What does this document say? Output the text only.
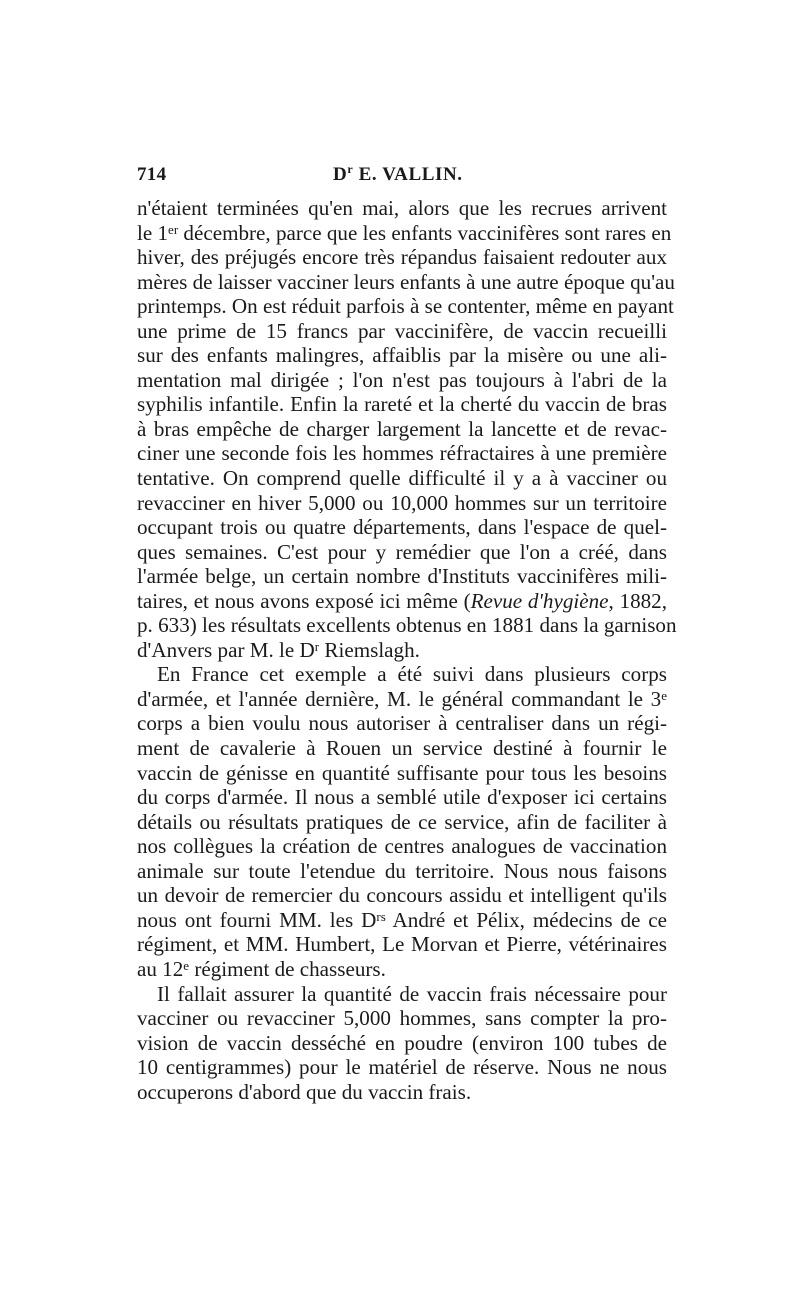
714	$D^r$ E. VALLIN.
n'étaient terminées qu'en mai, alors que les recrues arrivent
le 1er décembre, parce que les enfants vaccinifères sont rares en
hiver, des préjugés encore très répandus faisaient redouter aux
mères de laisser vacciner leurs enfants à une autre époque qu'au
printemps. On est réduit parfois à se contenter, même en payant
une prime de 15 francs par vaccinifère, de vaccin recueilli
sur des enfants malingres, affaiblis par la misère ou une ali-
mentation mal dirigée ; l'on n'est pas toujours à l'abri de la
syphilis infantile. Enfin la rareté et la cherté du vaccin de bras
à bras empêche de charger largement la lancette et de revac-
ciner une seconde fois les hommes réfractaires à une première
tentative. On comprend quelle difficulté il y a à vacciner ou
revacciner en hiver 5,000 ou 10,000 hommes sur un territoire
occupant trois ou quatre départements, dans l'espace de quel-
ques semaines. C'est pour y remédier que l'on a créé, dans
l'armée belge, un certain nombre d'Instituts vaccinifères mili-
taires, et nous avons exposé ici même (Revue d'hygiène, 1882,
p. 633) les résultats excellents obtenus en 1881 dans la garnison
d'Anvers par M. le $D^r$ Riemslagh.
En France cet exemple a été suivi dans plusieurs corps
d'armée, et l'année dernière, M. le général commandant le 3e
corps a bien voulu nous autoriser à centraliser dans un régi-
ment de cavalerie à Rouen un service destiné à fournir le
vaccin de génisse en quantité suffisante pour tous les besoins
du corps d'armée. Il nous a semblé utile d'exposer ici certains
détails ou résultats pratiques de ce service, afin de faciliter à
nos collègues la création de centres analogues de vaccination
animale sur toute l'etendue du territoire. Nous nous faisons
un devoir de remercier du concours assidu et intelligent qu'ils
nous ont fourni MM. les $D^{rs}$ André et Pélix, médecins de ce
régiment, et MM. Humbert, Le Morvan et Pierre, vétérinaires
au 12e régiment de chasseurs.
Il fallait assurer la quantité de vaccin frais nécessaire pour
vacciner ou revacciner 5,000 hommes, sans compter la pro-
vision de vaccin desséché en poudre (environ 100 tubes de
10 centigrammes) pour le matériel de réserve. Nous ne nous
occuperons d'abord que du vaccin frais.
